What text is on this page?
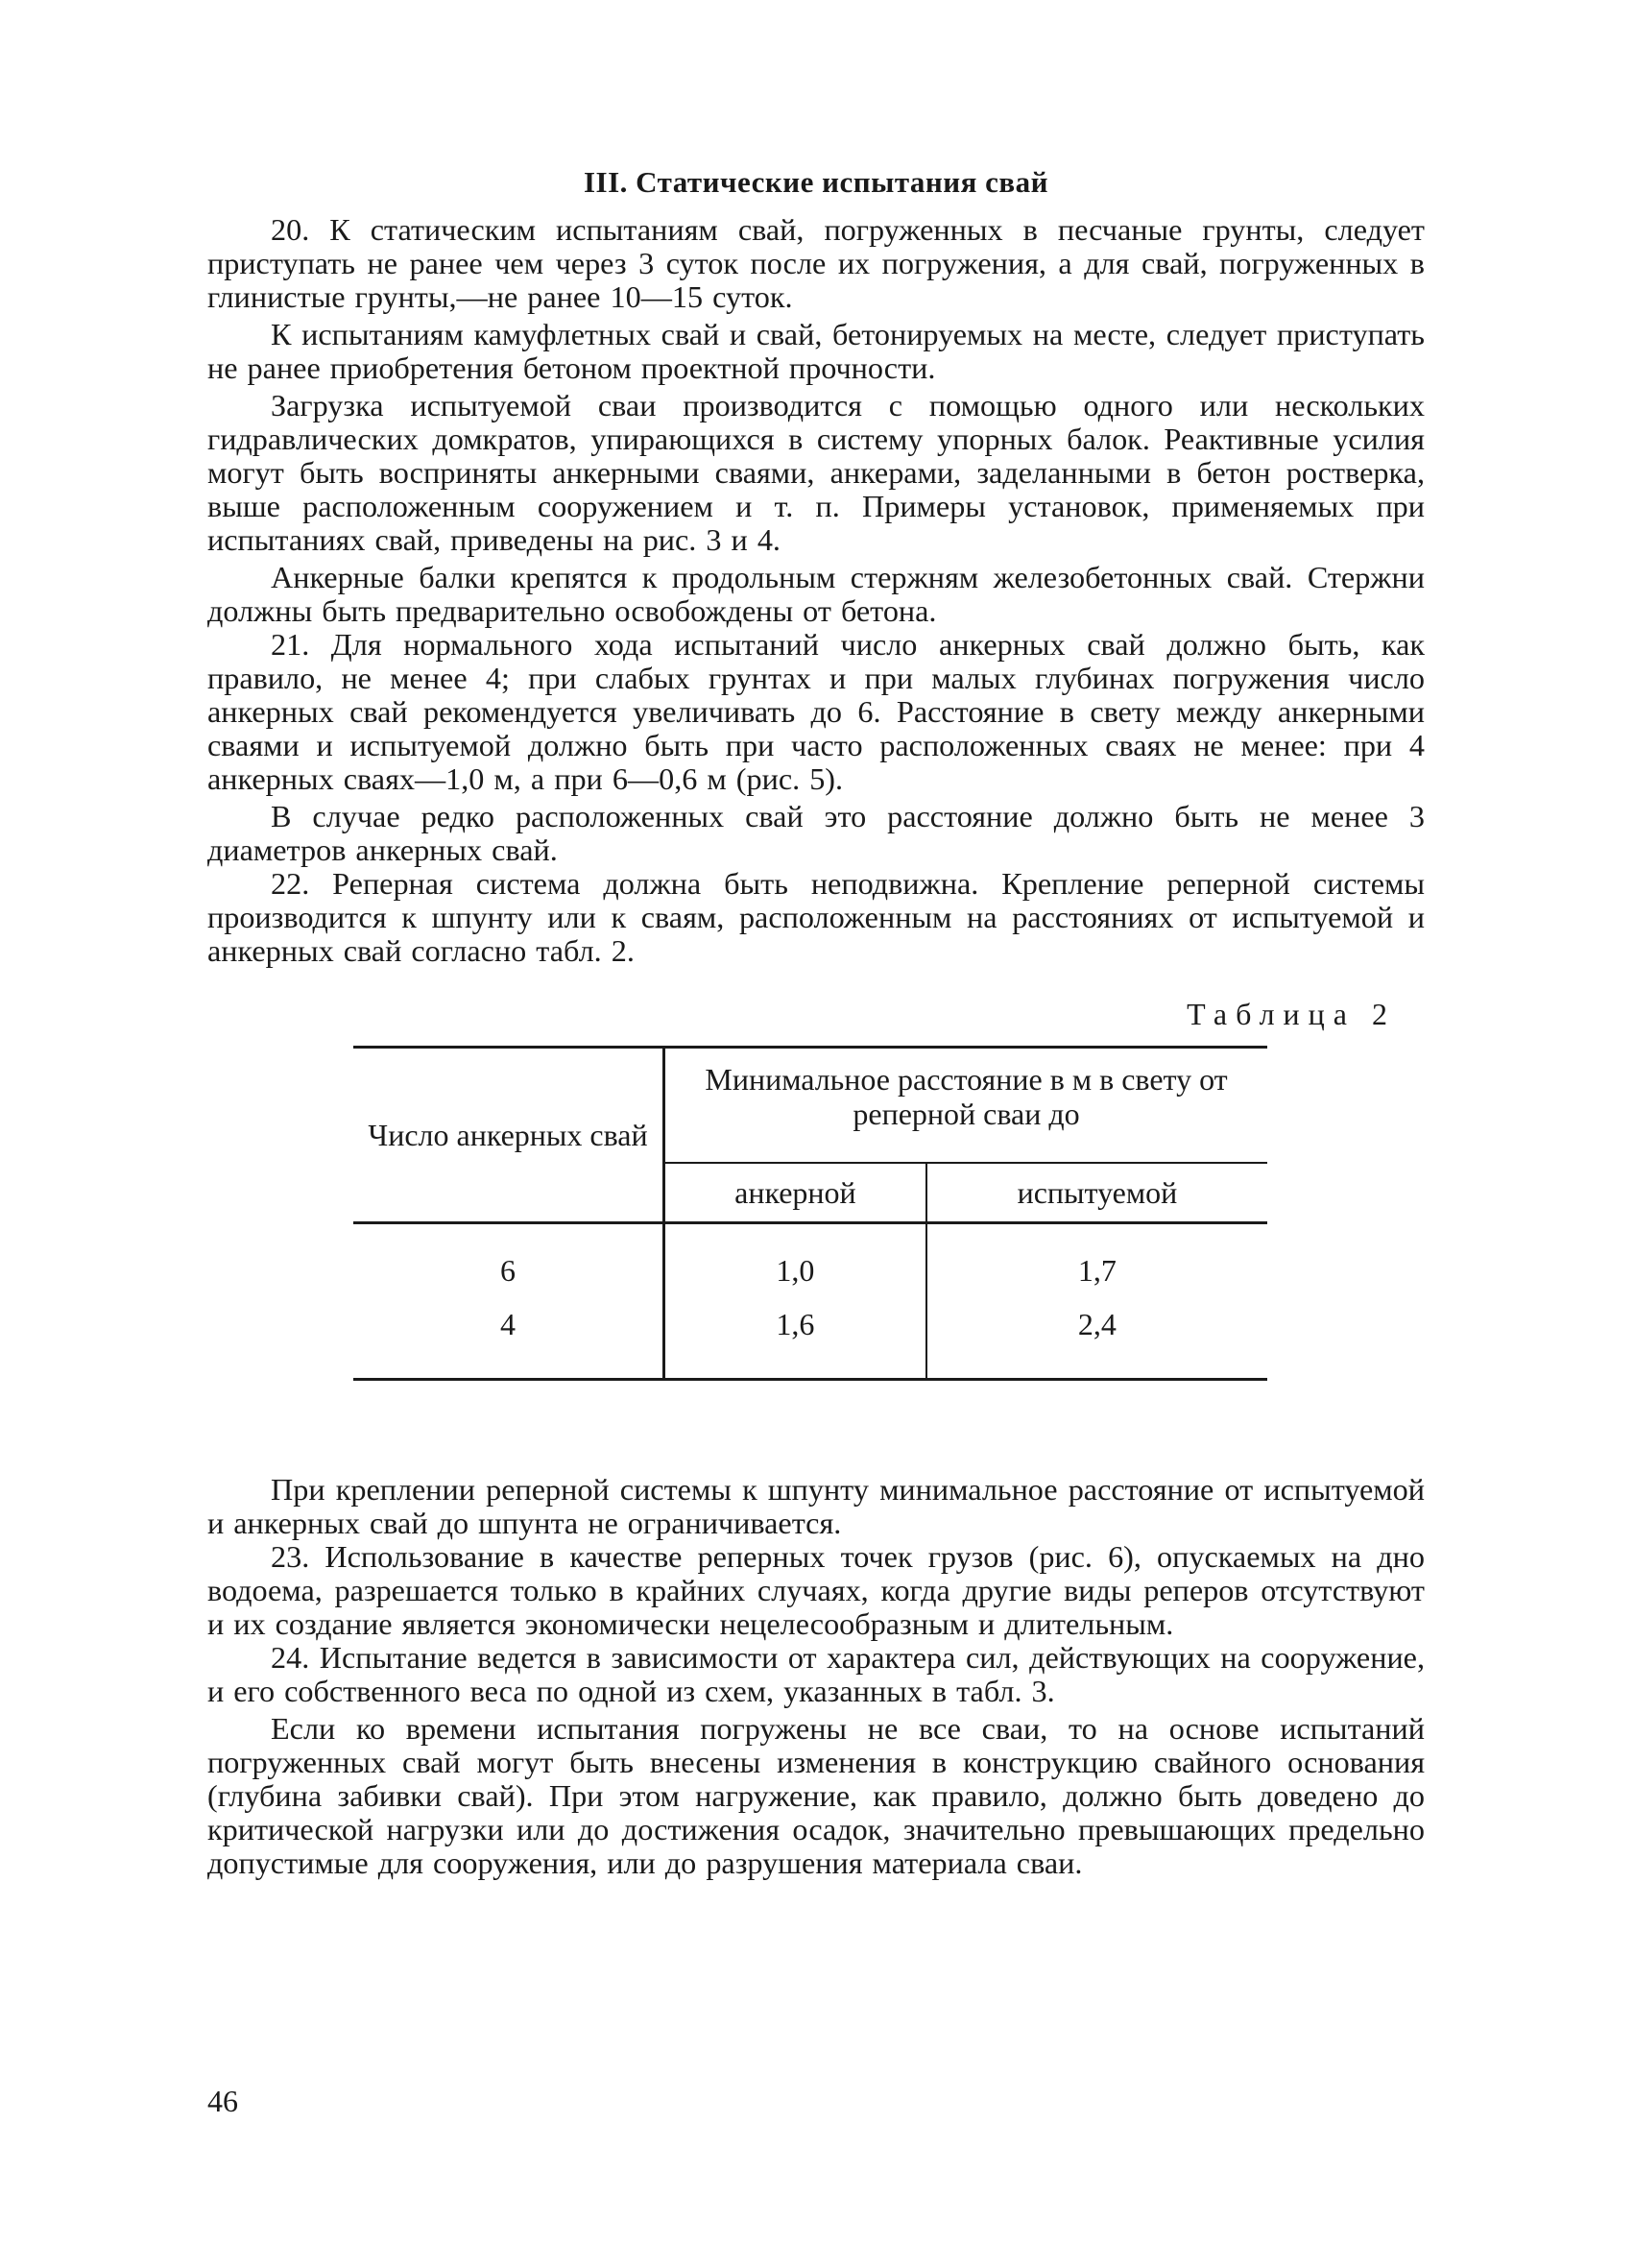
III. Статические испытания свай

20. К статическим испытаниям свай, погруженных в песчаные грунты, следует приступать не ранее чем через 3 суток после их погружения, а для свай, погруженных в глинистые грунты,—не ранее 10—15 суток.

К испытаниям камуфлетных свай и свай, бетонируемых на месте, следует приступать не ранее приобретения бетоном проектной прочности.

Загрузка испытуемой сваи производится с помощью одного или нескольких гидравлических домкратов, упирающихся в систему упорных балок. Реактивные усилия могут быть восприняты анкерными сваями, анкерами, заделанными в бетон ростверка, выше расположенным сооружением и т. п. Примеры установок, применяемых при испытаниях свай, приведены на рис. 3 и 4.

Анкерные балки крепятся к продольным стержням железобетонных свай. Стержни должны быть предварительно освобождены от бетона.

21. Для нормального хода испытаний число анкерных свай должно быть, как правило, не менее 4; при слабых грунтах и при малых глубинах погружения число анкерных свай рекомендуется увеличивать до 6. Расстояние в свету между анкерными сваями и испытуемой должно быть при часто расположенных сваях не менее: при 4 анкерных сваях—1,0 м, а при 6—0,6 м (рис. 5).

В случае редко расположенных свай это расстояние должно быть не менее 3 диаметров анкерных свай.

22. Реперная система должна быть неподвижна. Крепление реперной системы производится к шпунту или к сваям, расположенным на расстояниях от испытуемой и анкерных свай согласно табл. 2.

Таблица 2
Число анкерных свай	Минимальное расстояние в м в свету от реперной сваи до	
	анкерной	испытуемой
6	1,0	1,7
4	1,6	2,4

При креплении реперной системы к шпунту минимальное расстояние от испытуемой и анкерных свай до шпунта не ограничивается.

23. Использование в качестве реперных точек грузов (рис. 6), опускаемых на дно водоема, разрешается только в крайних случаях, когда другие виды реперов отсутствуют и их создание является экономически нецелесообразным и длительным.

24. Испытание ведется в зависимости от характера сил, действующих на сооружение, и его собственного веса по одной из схем, указанных в табл. 3.

Если ко времени испытания погружены не все сваи, то на основе испытаний погруженных свай могут быть внесены изменения в конструкцию свайного основания (глубина забивки свай). При этом нагружение, как правило, должно быть доведено до критической нагрузки или до достижения осадок, значительно превышающих предельно допустимые для сооружения, или до разрушения материала сваи.

46
